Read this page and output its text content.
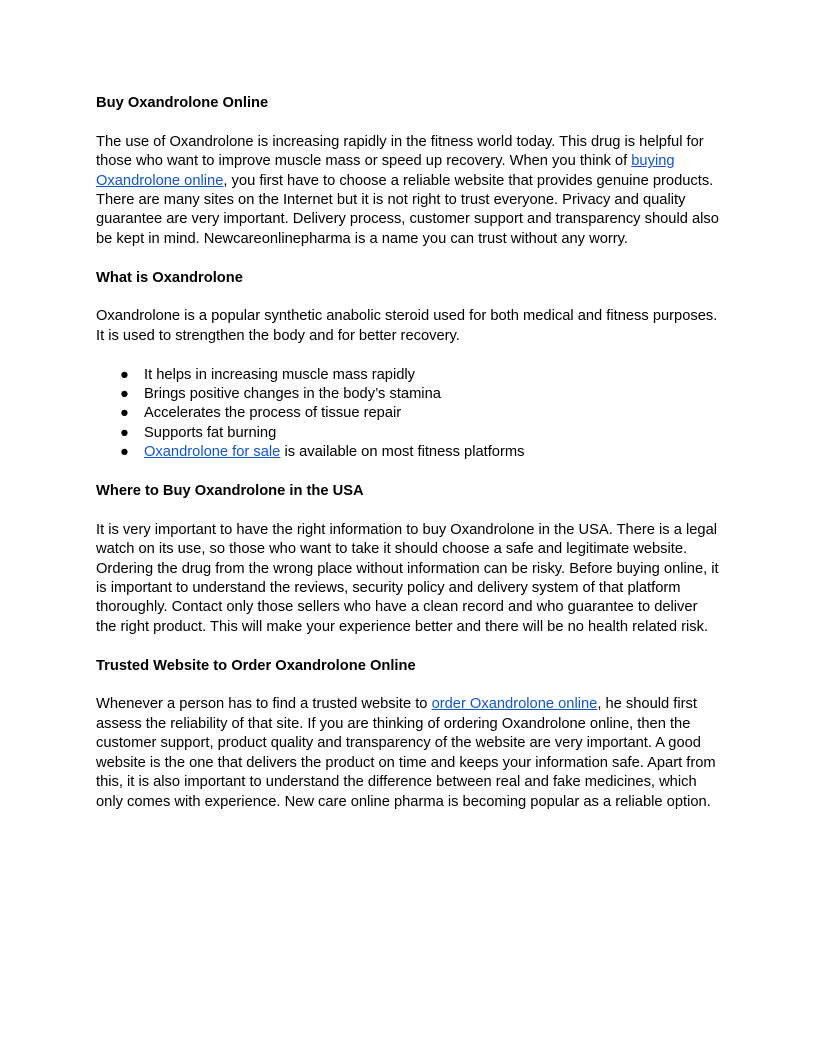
Buy Oxandrolone Online

The use of Oxandrolone is increasing rapidly in the fitness world today. This drug is helpful for those who want to improve muscle mass or speed up recovery. When you think of buying Oxandrolone online, you first have to choose a reliable website that provides genuine products. There are many sites on the Internet but it is not right to trust everyone. Privacy and quality guarantee are very important. Delivery process, customer support and transparency should also be kept in mind. Newcareonlinepharma is a name you can trust without any worry.

What is Oxandrolone

Oxandrolone is a popular synthetic anabolic steroid used for both medical and fitness purposes. It is used to strengthen the body and for better recovery.

● It helps in increasing muscle mass rapidly
● Brings positive changes in the body’s stamina
● Accelerates the process of tissue repair
● Supports fat burning
● Oxandrolone for sale is available on most fitness platforms
Where to Buy Oxandrolone in the USA

It is very important to have the right information to buy Oxandrolone in the USA. There is a legal watch on its use, so those who want to take it should choose a safe and legitimate website. Ordering the drug from the wrong place without information can be risky. Before buying online, it is important to understand the reviews, security policy and delivery system of that platform thoroughly. Contact only those sellers who have a clean record and who guarantee to deliver the right product. This will make your experience better and there will be no health related risk.

Trusted Website to Order Oxandrolone Online

Whenever a person has to find a trusted website to order Oxandrolone online, he should first assess the reliability of that site. If you are thinking of ordering Oxandrolone online, then the customer support, product quality and transparency of the website are very important. A good website is the one that delivers the product on time and keeps your information safe. Apart from this, it is also important to understand the difference between real and fake medicines, which only comes with experience. New care online pharma is becoming popular as a reliable option.
